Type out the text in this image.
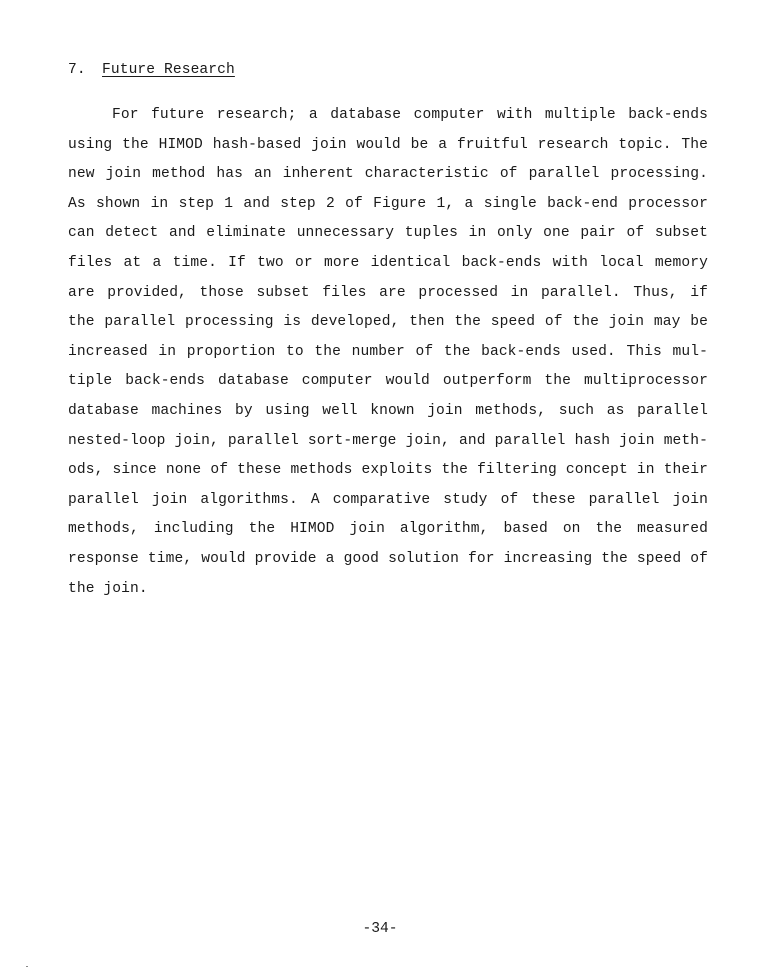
7. Future Research
For future research; a database computer with multiple back-ends
using the HIMOD hash-based join would be a fruitful research topic. The
new join method has an inherent characteristic of parallel processing.
As shown in step 1 and step 2 of Figure 1, a single back-end processor
can detect and eliminate unnecessary tuples in only one pair of subset
files at a time. If two or more identical back-ends with local memory
are provided, those subset files are processed in parallel. Thus, if
the parallel processing is developed, then the speed of the join may be
increased in proportion to the number of the back-ends used. This mul-
tiple back-ends database computer would outperform the multiprocessor
database machines by using well known join methods, such as parallel
nested-loop join, parallel sort-merge join, and parallel hash join meth-
ods, since none of these methods exploits the filtering concept in their
parallel join algorithms. A comparative study of these parallel join
methods, including the HIMOD join algorithm, based on the measured
response time, would provide a good solution for increasing the speed of
the join.
-34-
